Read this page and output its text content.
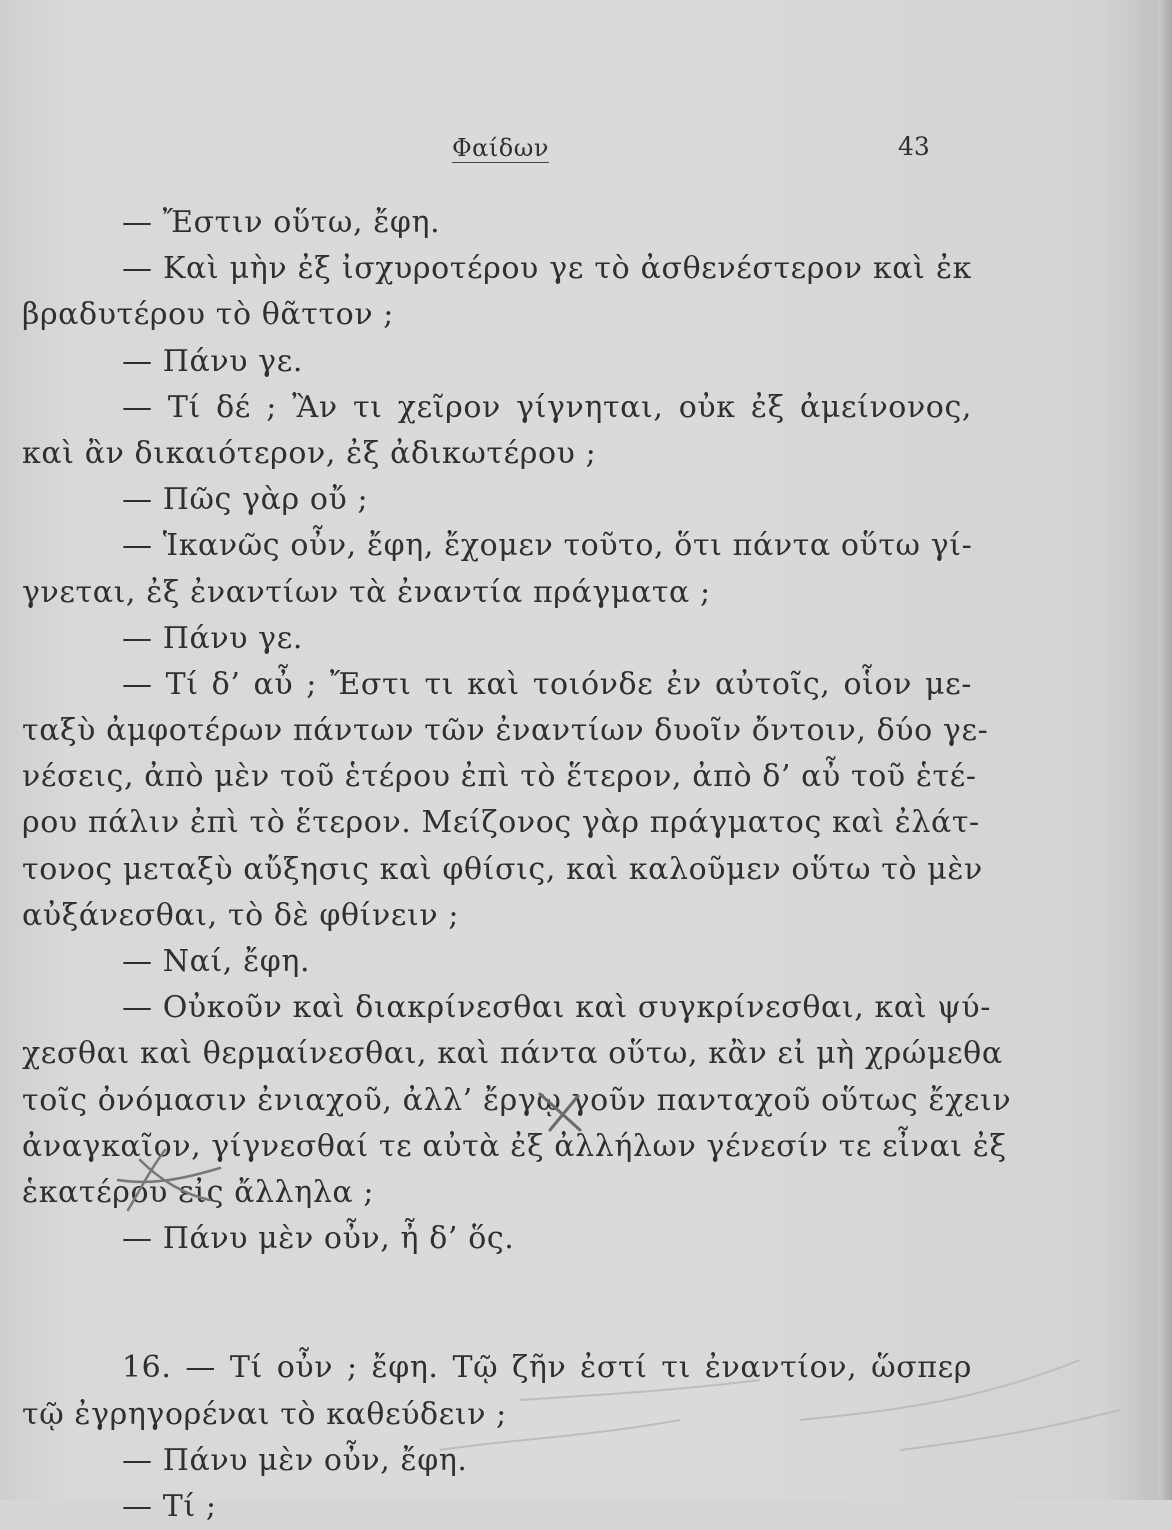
Φαίδων	43
— Ἔστιν οὕτω, ἔφη.
— Καὶ μὴν ἐξ ἰσχυροτέρου γε τὸ ἀσθενέστερον καὶ ἐκ
βραδυτέρου τὸ θᾶττον ;
— Πάνυ γε.
— Τί δέ ; Ἂν τι χεῖρον γίγνηται, οὐκ ἐξ ἀμείνονος,
καὶ ἂν δικαιότερον, ἐξ ἀδικωτέρου ;
— Πῶς γὰρ οὔ ;
— Ἱκανῶς οὖν, ἔφη, ἔχομεν τοῦτο, ὅτι πάντα οὕτω γί-
γνεται, ἐξ ἐναντίων τὰ ἐναντία πράγματα ;
— Πάνυ γε.
— Τί δ’ αὖ ; Ἔστι τι καὶ τοιόνδε ἐν αὐτοῖς, οἷον με-
ταξὺ ἀμφοτέρων πάντων τῶν ἐναντίων δυοῖν ὄντοιν, δύο γε-
νέσεις, ἀπὸ μὲν τοῦ ἑτέρου ἐπὶ τὸ ἕτερον, ἀπὸ δ’ αὖ τοῦ ἑτέ-
ρου πάλιν ἐπὶ τὸ ἕτερον. Μείζονος γὰρ πράγματος καὶ ἐλάτ-
τονος μεταξὺ αὔξησις καὶ φθίσις, καὶ καλοῦμεν οὕτω τὸ μὲν
αὐξάνεσθαι, τὸ δὲ φθίνειν ;
— Ναί, ἔφη.
— Οὐκοῦν καὶ διακρίνεσθαι καὶ συγκρίνεσθαι, καὶ ψύ-
χεσθαι καὶ θερμαίνεσθαι, καὶ πάντα οὕτω, κἂν εἰ μὴ χρώμεθα
τοῖς ὀνόμασιν ἐνιαχοῦ, ἀλλ’ ἔργῳ γοῦν πανταχοῦ οὕτως ἔχειν
ἀναγκαῖον, γίγνεσθαί τε αὐτὰ ἐξ ἀλλήλων γένεσίν τε εἶναι ἐξ
ἑκατέρου εἰς ἄλληλα ;
— Πάνυ μὲν οὖν, ἦ δ’ ὅς.
16. — Τί οὖν ; ἔφη. Τῷ ζῆν ἐστί τι ἐναντίον, ὥσπερ
τῷ ἐγρηγορέναι τὸ καθεύδειν ;
— Πάνυ μὲν οὖν, ἔφη.
— Τί ;
